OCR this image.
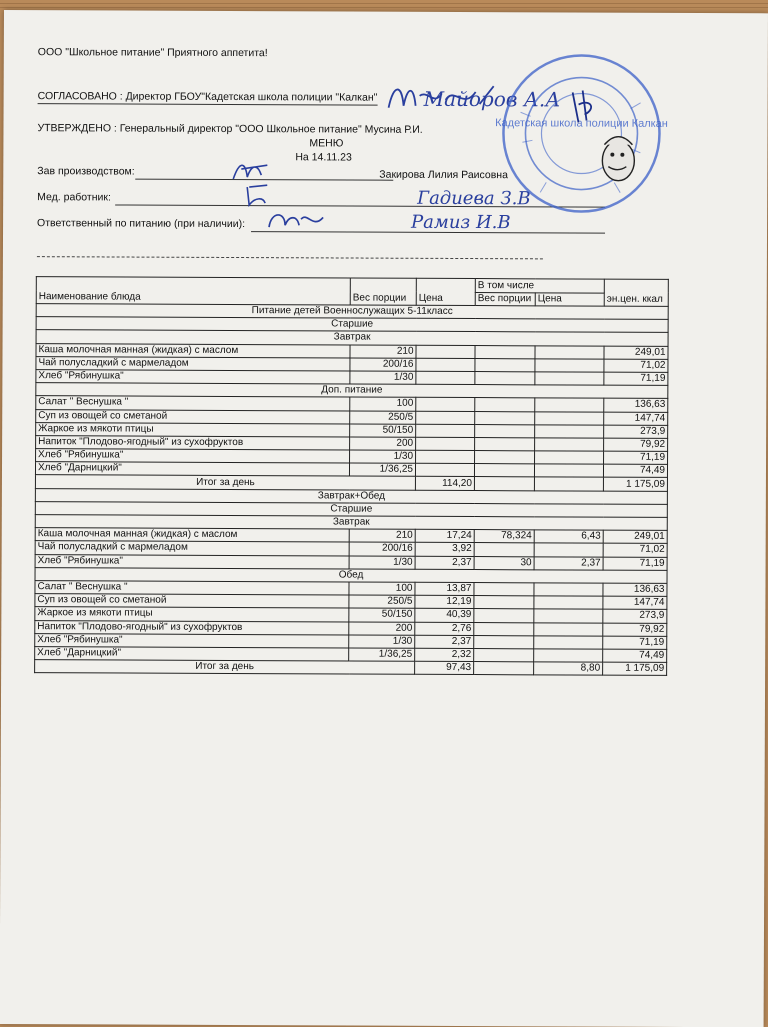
ООО "Школьное питание" Приятного аппетита!
СОГЛАСОВАНО : Директор ГБОУ"Кадетская школа полиции "Калкан" Майоров А.А
УТВЕРЖДЕНО : Генеральный директор "ООО Школьное питание" Мусина Р.И.
МЕНЮ
На 14.11.23
Зав производством:	Закирова Лилия Раисовна
Мед. работник:	Гадиева З.В
Ответственный по питанию (при наличии):	Рамиз И.В
Кадетская школа полиции Калкан
Наименование блюда	Вес порции	Цена	В том числе		эн.цен. ккал
			Вес порции	Цена	
Питание детей Военнослужащих 5-11класс					
Старшие					
Завтрак					
Каша молочная манная (жидкая) с маслом	210				249,01
Чай полусладкий с мармеладом	200/16				71,02
Хлеб "Рябинушка"	1/30				71,19
Доп. питание					
Салат " Веснушка "	100				136,63
Суп из овощей со сметаной	250/5				147,74
Жаркое из мякоти птицы	50/150				273,9
Напиток "Плодово-ягодный" из сухофруктов	200				79,92
Хлеб "Рябинушка"	1/30				71,19
Хлеб "Дарницкий"	1/36,25				74,49
Итог за день		114,20			1 175,09
Завтрак+Обед					
Старшие					
Завтрак					
Каша молочная манная (жидкая) с маслом	210	17,24	78,324	6,43	249,01
Чай полусладкий с мармеладом	200/16	3,92			71,02
Хлеб "Рябинушка"	1/30	2,37	30	2,37	71,19
Обед					
Салат " Веснушка "	100	13,87			136,63
Суп из овощей со сметаной	250/5	12,19			147,74
Жаркое из мякоти птицы	50/150	40,39			273,9
Напиток "Плодово-ягодный" из сухофруктов	200	2,76			79,92
Хлеб "Рябинушка"	1/30	2,37			71,19
Хлеб "Дарницкий"	1/36,25	2,32			74,49
Итог за день		97,43		8,80	1 175,09
